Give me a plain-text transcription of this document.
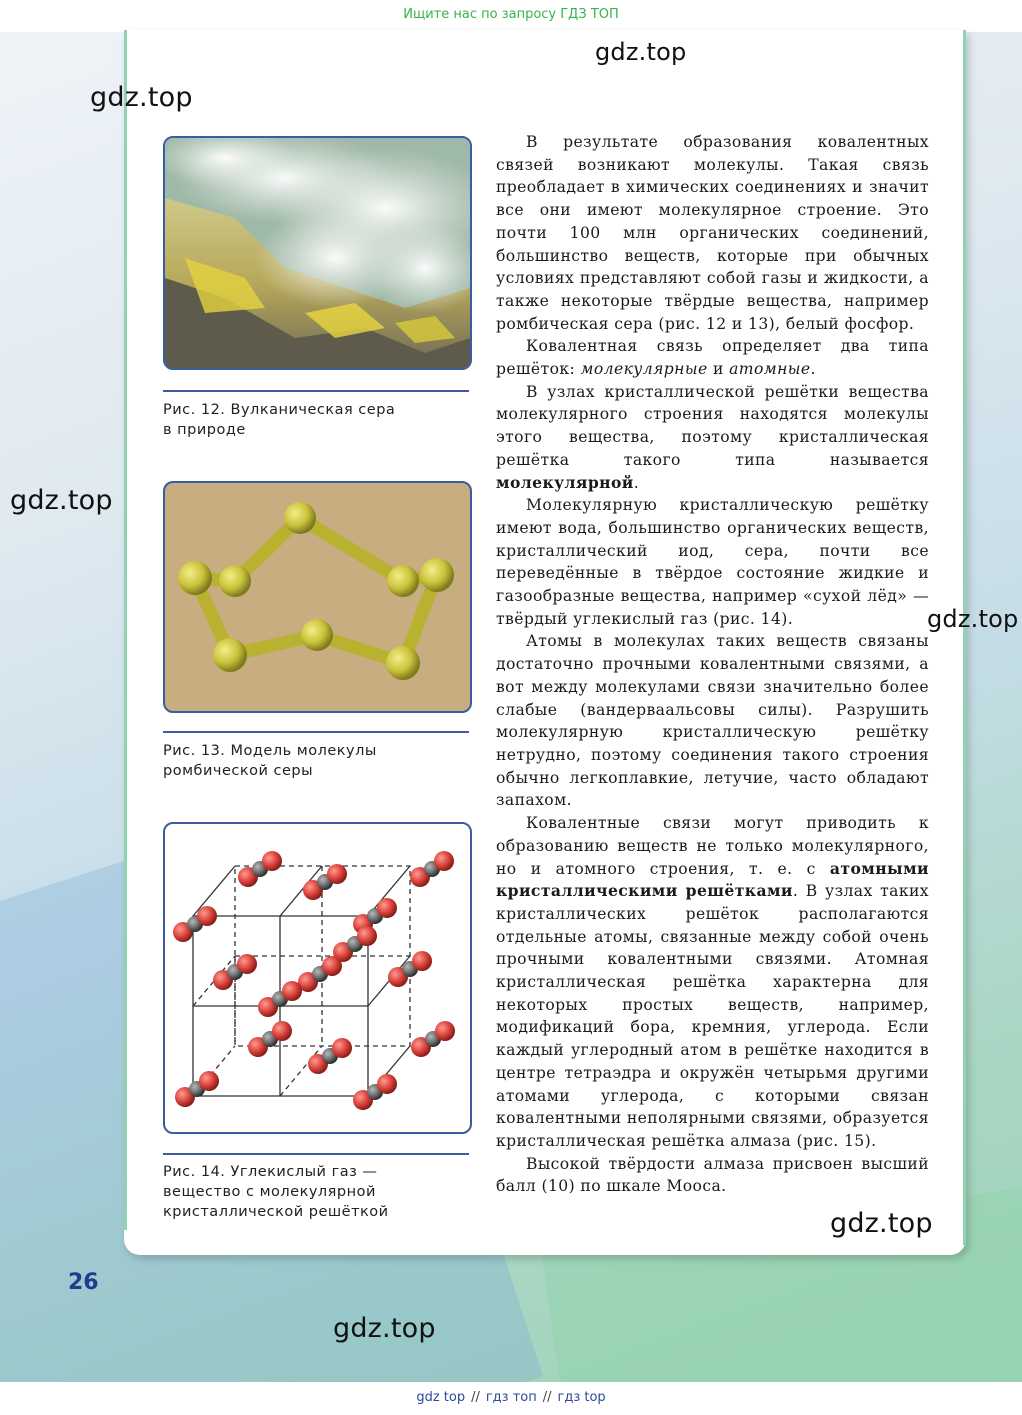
Ищите нас по запросу ГДЗ ТОП
Рис. 12. Вулканическая сера
в природе
Рис. 13. Модель молекулы
ромбической серы
Рис. 14. Углекислый газ —
вещество с молекулярной
кристаллической решёткой

В результате образования ковалентных связей возникают молекулы. Такая связь преобладает в химических соединениях и значит все они имеют молекулярное строение. Это почти 100 млн органических соединений, большинство веществ, которые при обычных условиях представляют собой газы и жидкости, а также некоторые твёрдые вещества, например ромбическая сера (рис. 12 и 13), белый фосфор.

Ковалентная связь определяет два типа решёток: молекулярные и атомные.

В узлах кристаллической решётки вещества молекулярного строения находятся молекулы этого вещества, поэтому кристаллическая решётка такого типа называется молекулярной.

Молекулярную кристаллическую решётку имеют вода, большинство органических веществ, кристаллический иод, сера, почти все переведённые в твёрдое состояние жидкие и газообразные вещества, например «сухой лёд» — твёрдый углекислый газ (рис. 14).

Атомы в молекулах таких веществ связаны достаточно прочными ковалентными связями, а вот между молекулами связи значительно более слабые (вандерваальсовы силы). Разрушить молекулярную кристаллическую решётку нетрудно, поэтому соединения такого строения обычно легкоплавкие, летучие, часто обладают запахом.

Ковалентные связи могут приводить к образованию веществ не только молекулярного, но и атомного строения, т. е. с атомными кристаллическими решётками. В узлах таких кристаллических решёток располагаются отдельные атомы, связанные между собой очень прочными ковалентными связями. Атомная кристаллическая решётка характерна для некоторых простых веществ, например, модификаций бора, кремния, углерода. Если каждый углеродный атом в решётке находится в центре тетраэдра и окружён четырьмя другими атомами углерода, с которыми связан ковалентными неполярными связями, образуется кристаллическая решётка алмаза (рис. 15).

Высокой твёрдости алмаза присвоен высший балл (10) по шкале Мооса.

gdz.top
gdz.top
gdz.top
gdz.top
gdz.top
gdz.top
26
gdz top // гдз топ // гдз top
